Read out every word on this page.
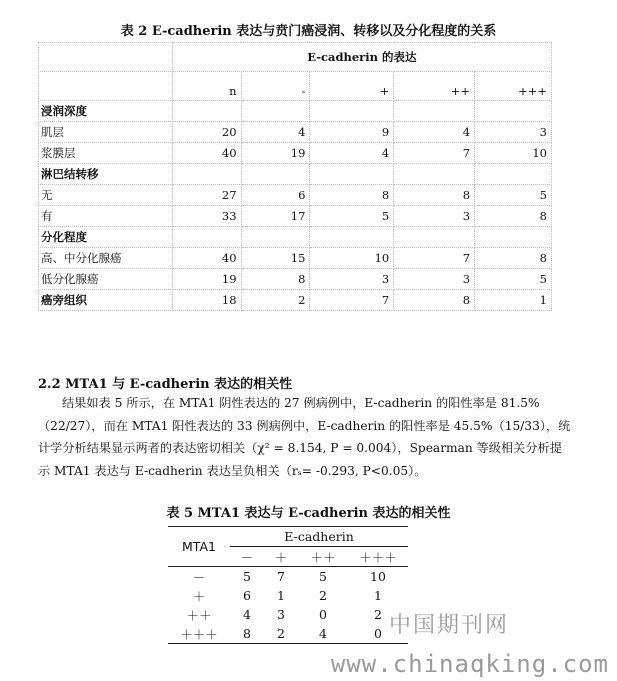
表 2 E-cadherin 表达与贲门癌浸润、转移以及分化程度的关系
	E-cadherin 的表达				
	n	-	+	++	+++
浸润深度					
肌层	20	4	9	4	3
浆膜层	40	19	4	7	10
淋巴结转移					
无	27	6	8	8	5
有	33	17	5	3	8
分化程度					
高、中分化腺癌	40	15	10	7	8
低分化腺癌	19	8	3	3	5
癌旁组织	18	2	7	8	1
2.2 MTA1 与 E-cadherin 表达的相关性
结果如表 5 所示，在 MTA1 阴性表达的 27 例病例中，E-cadherin 的阳性率是 81.5%
（22/27），而在 MTA1 阳性表达的 33 例病例中，E-cadherin 的阳性率是 45.5%（15/33），统
计学分析结果显示两者的表达密切相关（χ² = 8.154, P = 0.004），Spearman 等级相关分析提
示 MTA1 表达与 E-cadherin 表达呈负相关（rₛ= -0.293, P<0.05）。
表 5 MTA1 表达与 E-cadherin 表达的相关性
MTA1	E-cadherin			
	－	＋	＋＋	＋＋＋
－	5	7	5	10
＋	6	1	2	1
＋＋	4	3	0	2
＋＋＋	8	2	4	0 中国期刊网
www.chinaqking.com
